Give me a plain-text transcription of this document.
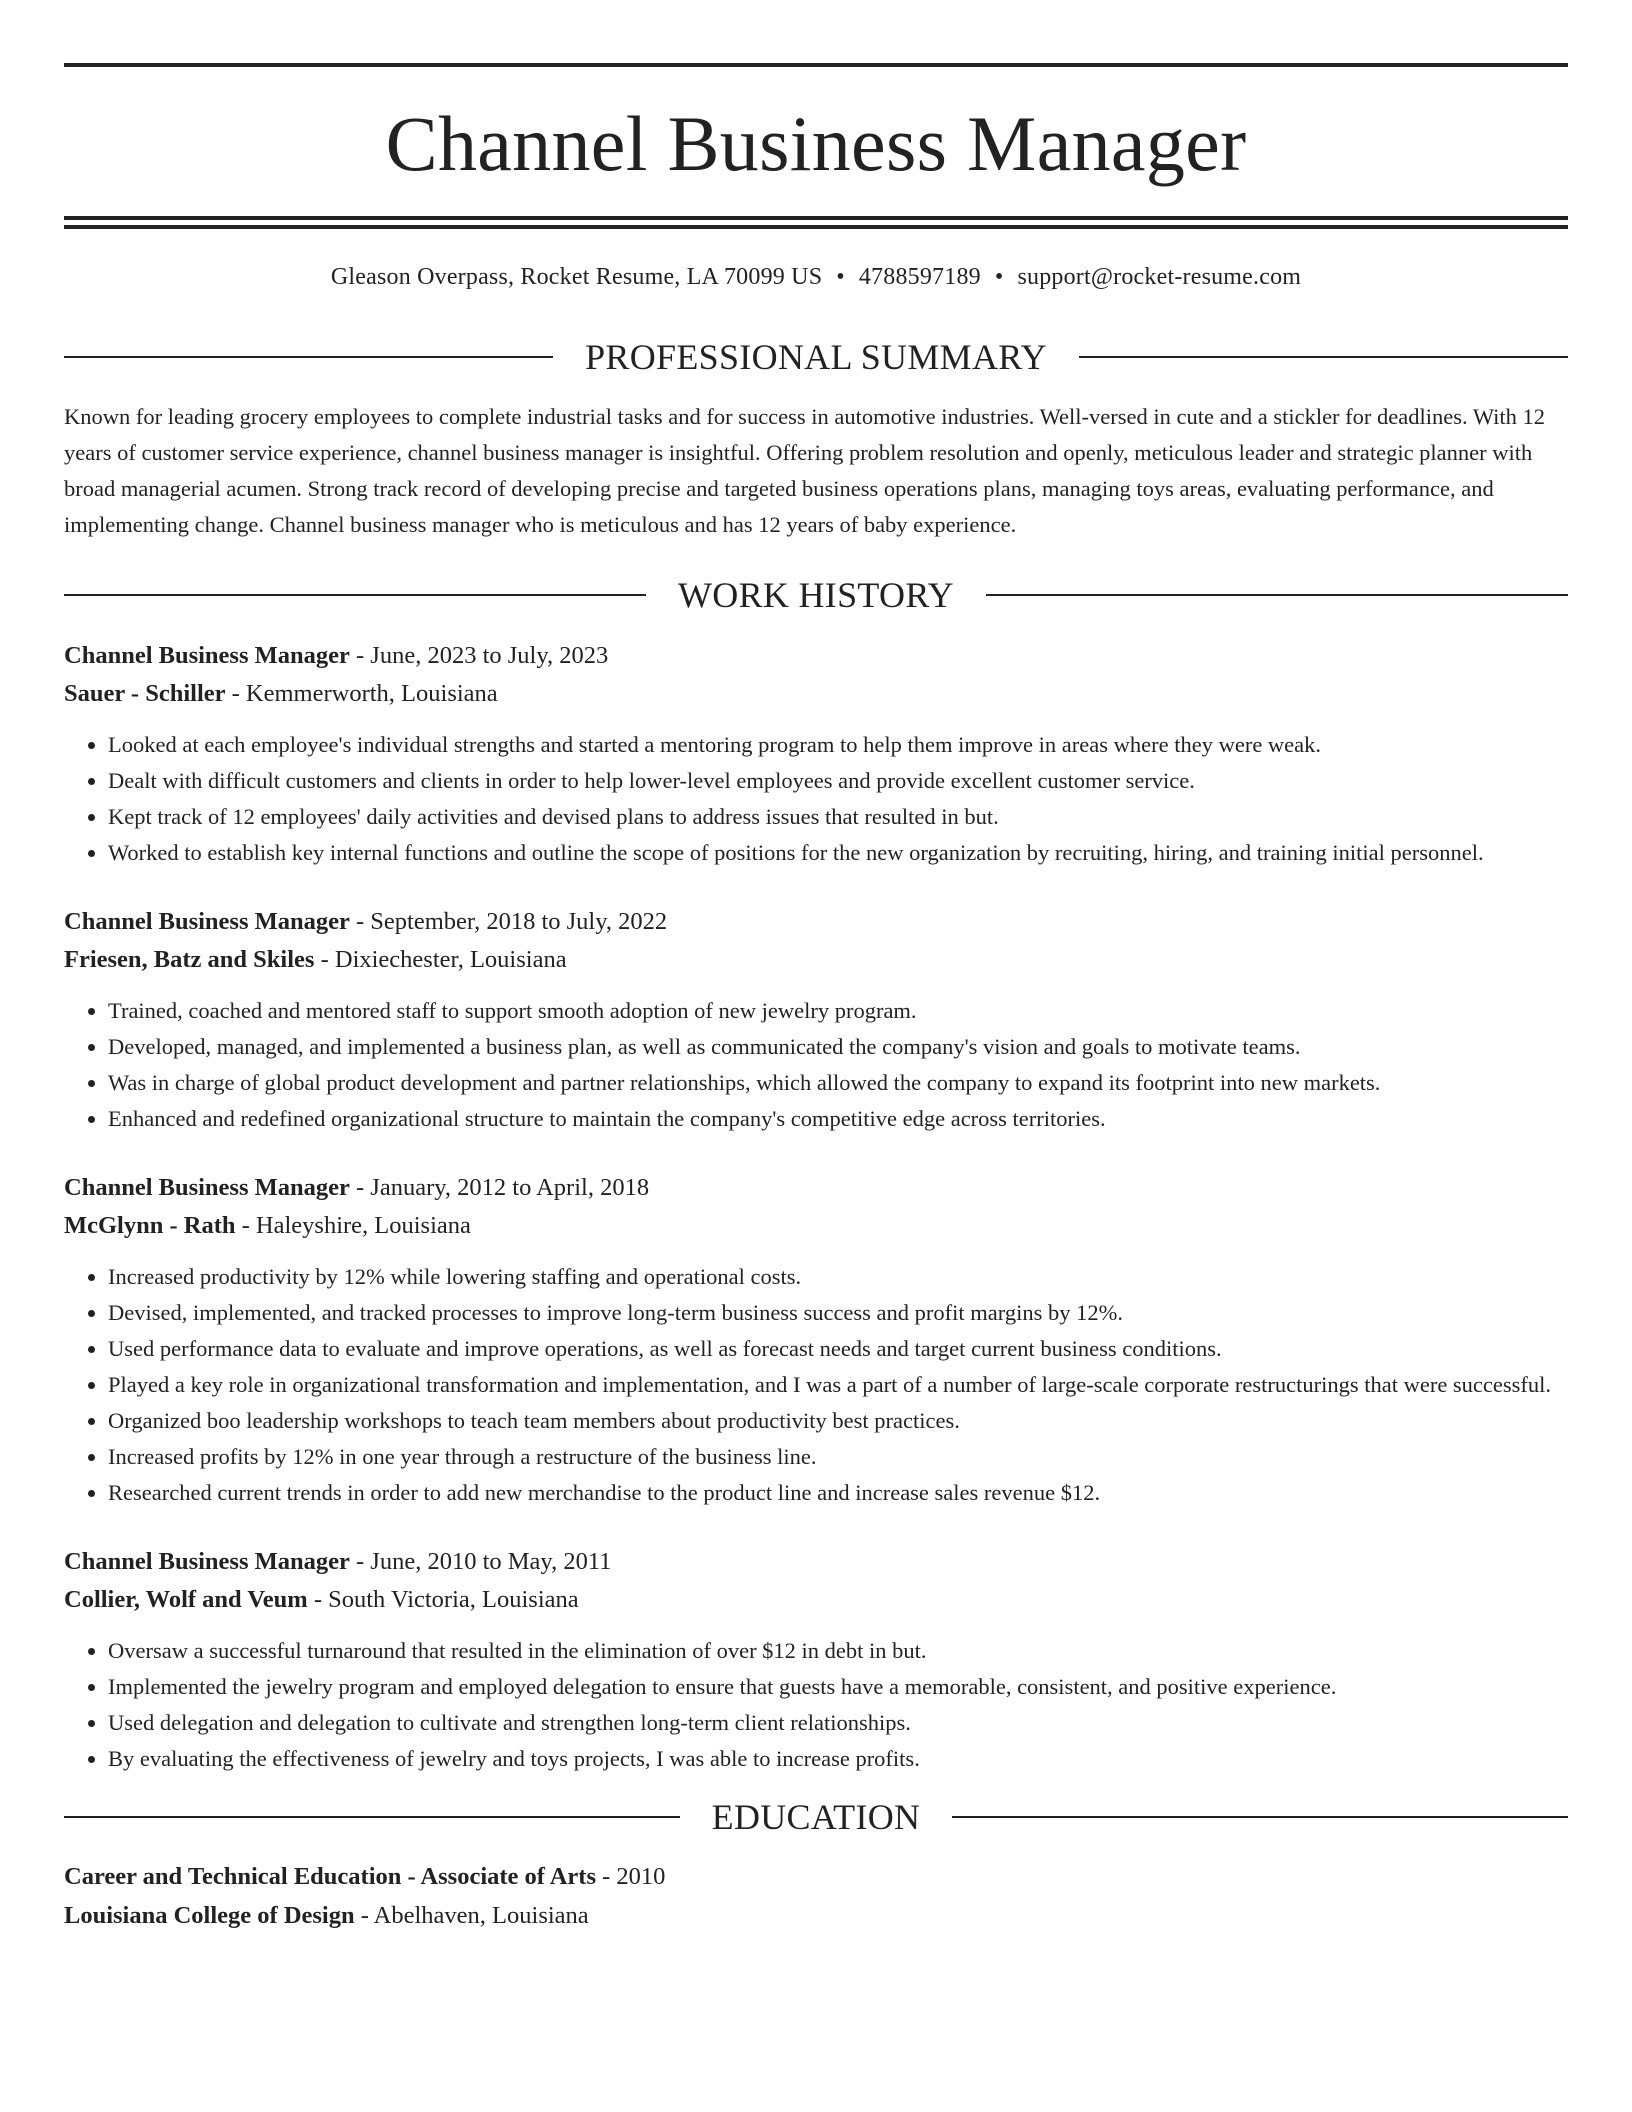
Channel Business Manager
Gleason Overpass, Rocket Resume, LA 70099 US • 4788597189 • support@rocket-resume.com
PROFESSIONAL SUMMARY
Known for leading grocery employees to complete industrial tasks and for success in automotive industries. Well-versed in cute and a stickler for deadlines. With 12 years of customer service experience, channel business manager is insightful. Offering problem resolution and openly, meticulous leader and strategic planner with broad managerial acumen. Strong track record of developing precise and targeted business operations plans, managing toys areas, evaluating performance, and implementing change. Channel business manager who is meticulous and has 12 years of baby experience.
WORK HISTORY
Channel Business Manager - June, 2023 to July, 2023
Sauer - Schiller - Kemmerworth, Louisiana
• Looked at each employee's individual strengths and started a mentoring program to help them improve in areas where they were weak.
• Dealt with difficult customers and clients in order to help lower-level employees and provide excellent customer service.
• Kept track of 12 employees' daily activities and devised plans to address issues that resulted in but.
• Worked to establish key internal functions and outline the scope of positions for the new organization by recruiting, hiring, and training initial personnel.
Channel Business Manager - September, 2018 to July, 2022
Friesen, Batz and Skiles - Dixiechester, Louisiana
• Trained, coached and mentored staff to support smooth adoption of new jewelry program.
• Developed, managed, and implemented a business plan, as well as communicated the company's vision and goals to motivate teams.
• Was in charge of global product development and partner relationships, which allowed the company to expand its footprint into new markets.
• Enhanced and redefined organizational structure to maintain the company's competitive edge across territories.
Channel Business Manager - January, 2012 to April, 2018
McGlynn - Rath - Haleyshire, Louisiana
• Increased productivity by 12% while lowering staffing and operational costs.
• Devised, implemented, and tracked processes to improve long-term business success and profit margins by 12%.
• Used performance data to evaluate and improve operations, as well as forecast needs and target current business conditions.
• Played a key role in organizational transformation and implementation, and I was a part of a number of large-scale corporate restructurings that were successful.
• Organized boo leadership workshops to teach team members about productivity best practices.
• Increased profits by 12% in one year through a restructure of the business line.
• Researched current trends in order to add new merchandise to the product line and increase sales revenue $12.
Channel Business Manager - June, 2010 to May, 2011
Collier, Wolf and Veum - South Victoria, Louisiana
• Oversaw a successful turnaround that resulted in the elimination of over $12 in debt in but.
• Implemented the jewelry program and employed delegation to ensure that guests have a memorable, consistent, and positive experience.
• Used delegation and delegation to cultivate and strengthen long-term client relationships.
• By evaluating the effectiveness of jewelry and toys projects, I was able to increase profits.
EDUCATION
Career and Technical Education - Associate of Arts - 2010
Louisiana College of Design - Abelhaven, Louisiana
